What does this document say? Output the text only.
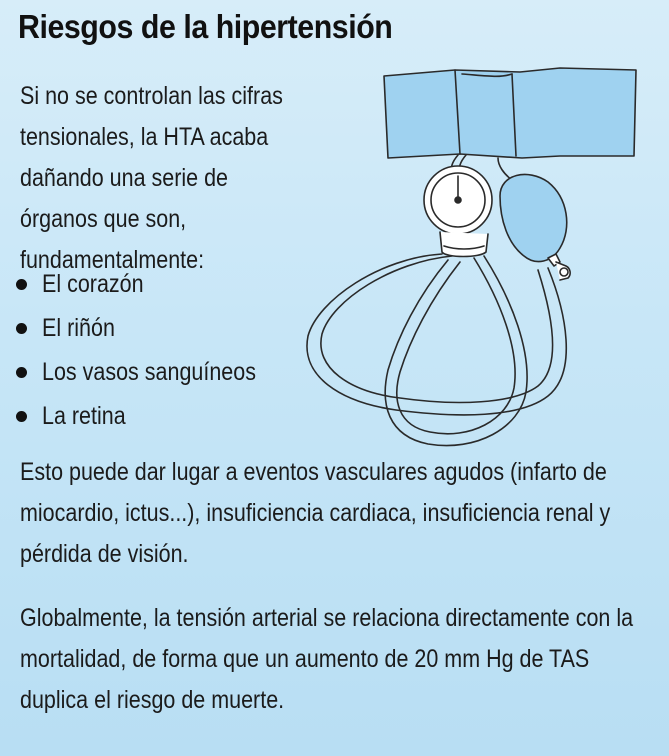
Riesgos de la hipertensión

Si no se controlan las cifras tensionales, la HTA acaba dañando una serie de órganos que son, fundamentalmente:

El corazón
El riñón
Los vasos sanguíneos
La retina

Esto puede dar lugar a eventos vasculares agudos (infarto de miocardio, ictus...), insuficiencia cardiaca, insuficiencia renal y pérdida de visión.

Globalmente, la tensión arterial se relaciona directamente con la mortalidad, de forma que un aumento de 20 mm Hg de TAS duplica el riesgo de muerte.
